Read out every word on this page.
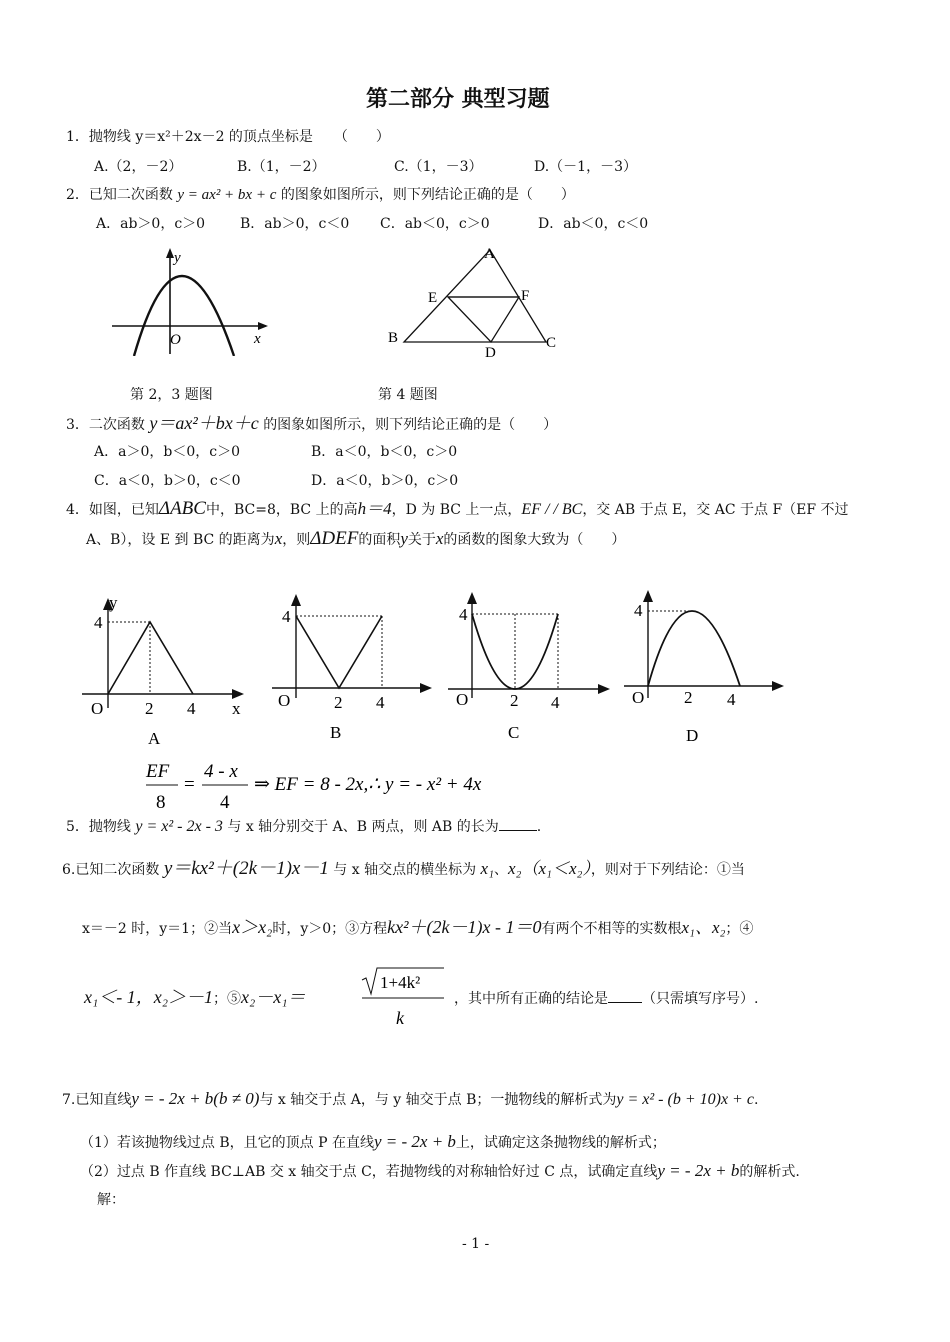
第二部分 典型习题
1．抛物线 y＝x²＋2x－2 的顶点坐标是　　（　　）
A.（2，－2）	B.（1，－2）	C.（1，－3）	D.（－1，－3）
2．已知二次函数 y = ax² + bx + c 的图象如图所示，则下列结论正确的是（　　）
A．ab＞0，c＞0 B．ab＞0，c＜0 C．ab＜0，c＞0	D．ab＜0，c＜0
y
x
O
第 2，3 题图
A
E	F
B
D
C
第 4 题图
3．二次函数 y＝ax²＋bx＋c 的图象如图所示，则下列结论正确的是（　　）
A．a＞0，b＜0，c＞0	B．a＜0，b＜0，c＞0
C．a＜0，b＞0，c＜0	D．a＜0，b＞0，c＞0
4．如图，已知ΔABC中，BC=8，BC 上的高h＝4，D 为 BC 上一点，EF / / BC，交 AB 于点 E，交 AC 于点 F（EF 不过
A、B），设 E 到 BC 的距离为x，则ΔDEF的面积y关于x的函数的图象大致为（　　）
y
4
O 2 4 x
A
4
O	2 4
B
4
O 2 4
C
4
O 2 4
D
EF
8
=
4 - x
4
⇒ EF = 8 - 2x,∴ y = - x² + 4x
5．抛物线 y = x² - 2x - 3 与 x 轴分别交于 A、B 两点，则 AB 的长为	.
6.已知二次函数 y＝kx²＋(2k－1)x－1 与 x 轴交点的横坐标为 x₁、x₂（x₁＜x₂），则对于下列结论：①当
x＝－2 时，y＝1；②当x＞x₂时，y＞0；③方程kx²＋(2k－1)x - 1＝0有两个不相等的实数根x₁、x₂；④
x₁＜- 1，x₂＞－1；⑤x₂－x₁＝
1+4k²
k
，其中所有正确的结论是 （只需填写序号）.
7.已知直线y = - 2x + b(b ≠ 0)与 x 轴交于点 A，与 y 轴交于点 B；一抛物线的解析式为y = x² - (b + 10)x + c.
（1）若该抛物线过点 B，且它的顶点 P 在直线y = - 2x + b上，试确定这条抛物线的解析式；
（2）过点 B 作直线 BC⊥AB 交 x 轴交于点 C，若抛物线的对称轴恰好过 C 点，试确定直线y = - 2x + b的解析式.
解：
- 1 -
